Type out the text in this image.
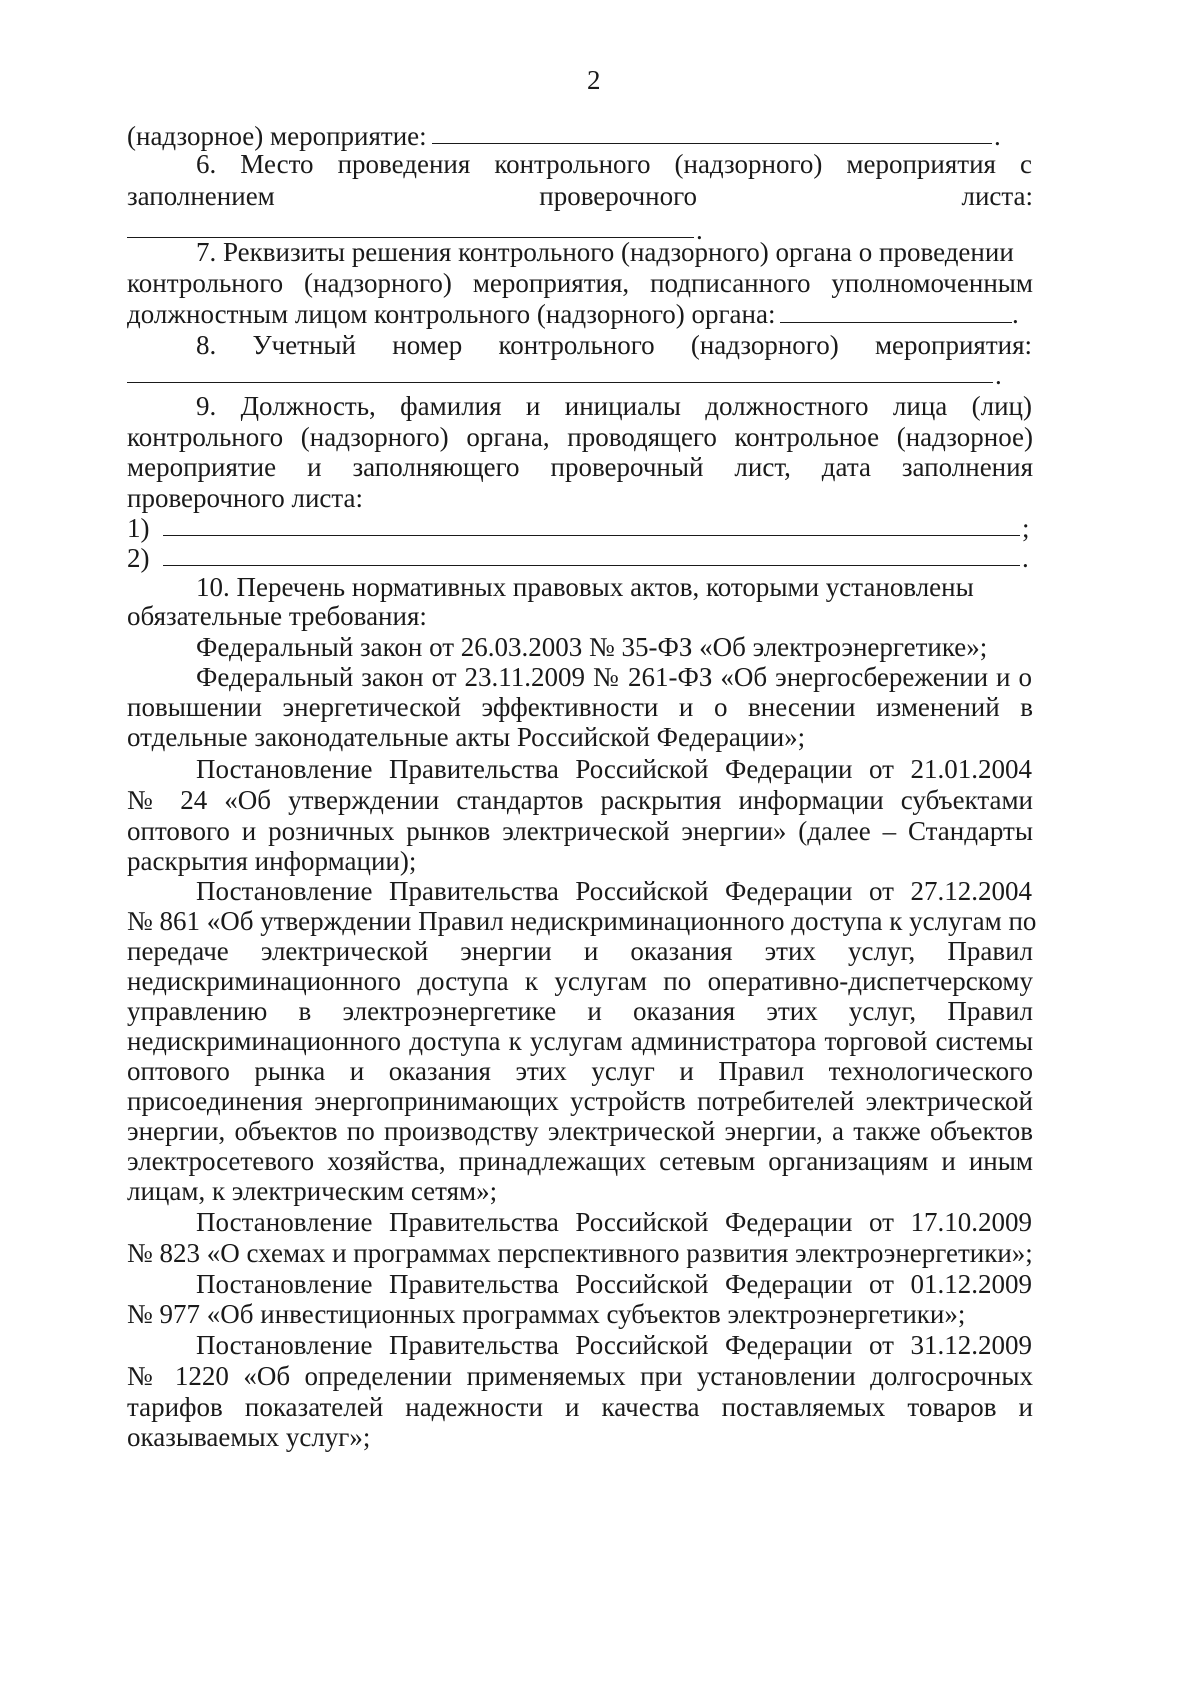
2
(надзорное) мероприятие:	.
6. Место проведения контрольного (надзорного) мероприятия с
заполнением проверочного листа:
.
7. Реквизиты решения контрольного (надзорного) органа о проведении
контрольного (надзорного) мероприятия, подписанного уполномоченным
должностным лицом контрольного (надзорного) органа:	.
8. Учетный номер контрольного (надзорного) мероприятия:
.
9. Должность, фамилия и инициалы должностного лица (лиц)
контрольного (надзорного) органа, проводящего контрольное (надзорное)
мероприятие и заполняющего проверочный лист, дата заполнения
проверочного листа:
1)	;
2)	.
10. Перечень нормативных правовых актов, которыми установлены
обязательные требования:
Федеральный закон от 26.03.2003 № 35-ФЗ «Об электроэнергетике»;
Федеральный закон от 23.11.2009 № 261-ФЗ «Об энергосбережении и о
повышении энергетической эффективности и о внесении изменений в
отдельные законодательные акты Российской Федерации»;
Постановление Правительства Российской Федерации от 21.01.2004
№ 24 «Об утверждении стандартов раскрытия информации субъектами
оптового и розничных рынков электрической энергии» (далее – Стандарты
раскрытия информации);
Постановление Правительства Российской Федерации от 27.12.2004
№ 861 «Об утверждении Правил недискриминационного доступа к услугам по
передаче электрической энергии и оказания этих услуг, Правил
недискриминационного доступа к услугам по оперативно-диспетчерскому
управлению в электроэнергетике и оказания этих услуг, Правил
недискриминационного доступа к услугам администратора торговой системы
оптового рынка и оказания этих услуг и Правил технологического
присоединения энергопринимающих устройств потребителей электрической
энергии, объектов по производству электрической энергии, а также объектов
электросетевого хозяйства, принадлежащих сетевым организациям и иным
лицам, к электрическим сетям»;
Постановление Правительства Российской Федерации от 17.10.2009
№ 823 «О схемах и программах перспективного развития электроэнергетики»;
Постановление Правительства Российской Федерации от 01.12.2009
№ 977 «Об инвестиционных программах субъектов электроэнергетики»;
Постановление Правительства Российской Федерации от 31.12.2009
№ 1220 «Об определении применяемых при установлении долгосрочных
тарифов показателей надежности и качества поставляемых товаров и
оказываемых услуг»;
